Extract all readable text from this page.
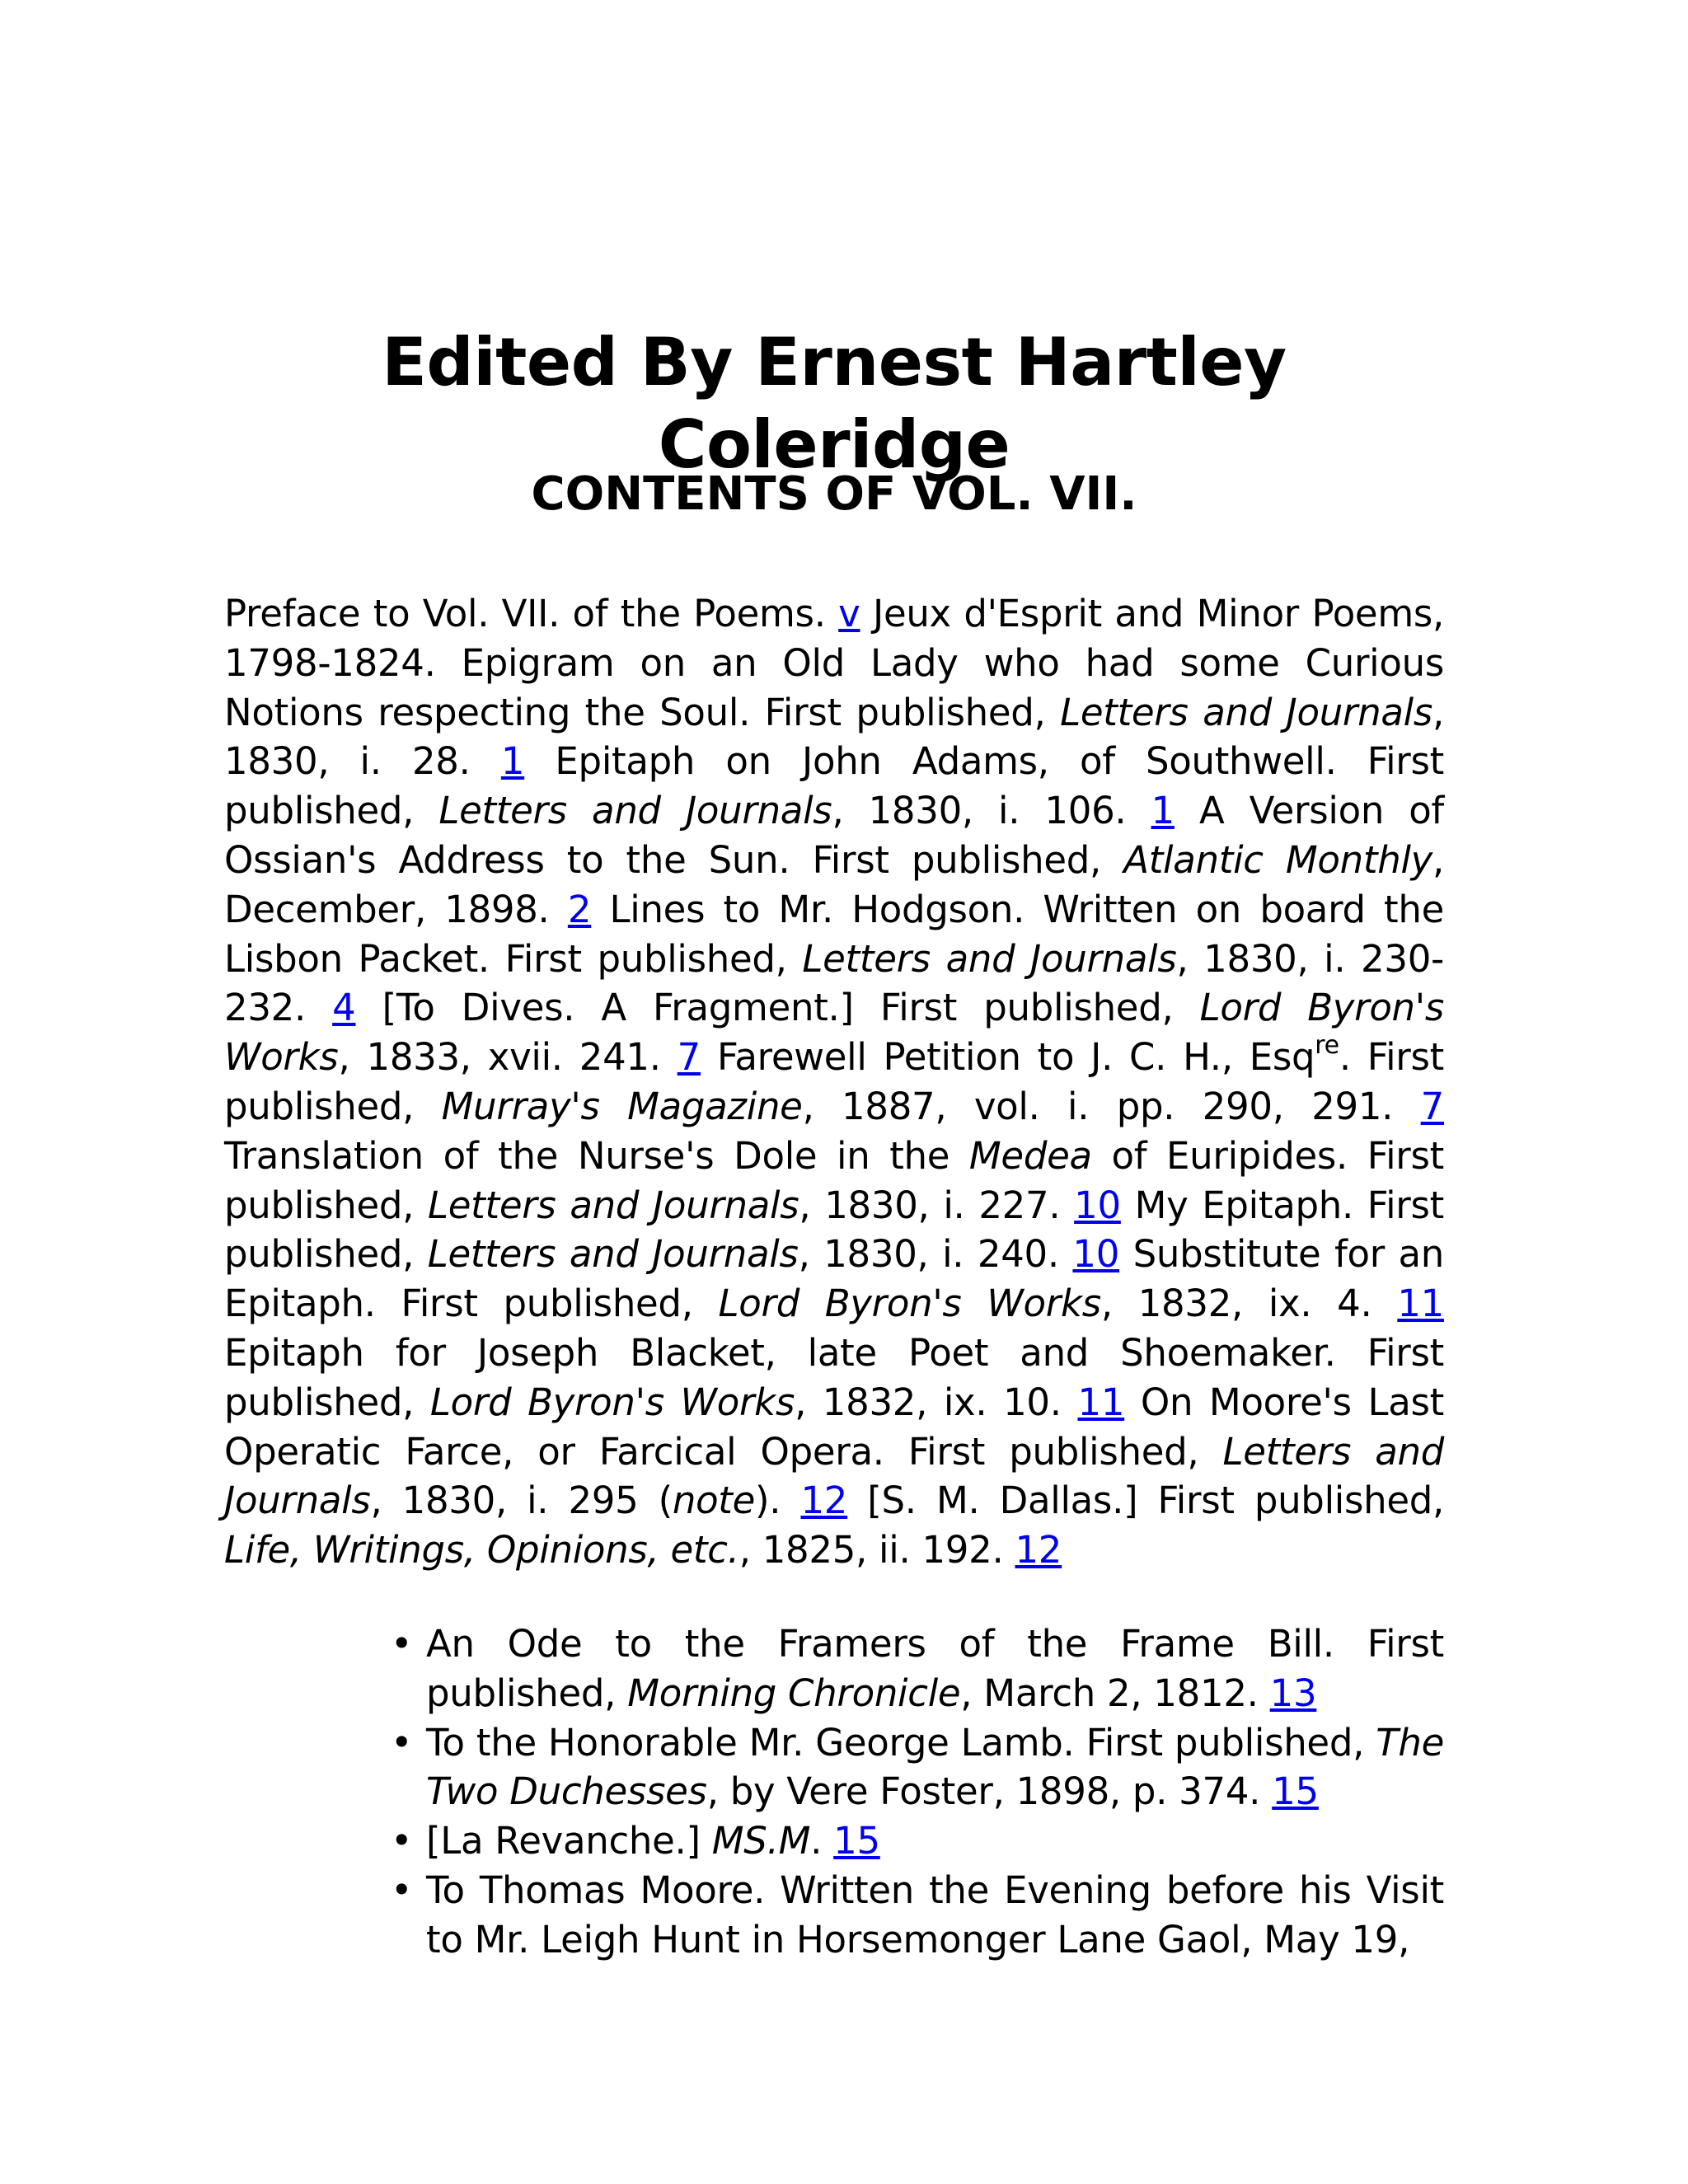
Edited By Ernest Hartley Coleridge
CONTENTS OF VOL. VII.

Preface to Vol. VII. of the Poems. v Jeux d'Esprit and Minor Poems, 1798-1824. Epigram on an Old Lady who had some Curious Notions respecting the Soul. First published, Letters and Journals, 1830, i. 28. 1 Epitaph on John Adams, of Southwell. First published, Letters and Journals, 1830, i. 106. 1 A Version of Ossian's Address to the Sun. First published, Atlantic Monthly, December, 1898. 2 Lines to Mr. Hodgson. Written on board the Lisbon Packet. First published, Letters and Journals, 1830, i. 230-232. 4 [To Dives. A Fragment.] First published, Lord Byron's Works, 1833, xvii. 241. 7 Farewell Petition to J. C. H., Esq$^{re}$. First published, Murray's Magazine, 1887, vol. i. pp. 290, 291. 7 Translation of the Nurse's Dole in the Medea of Euripides. First published, Letters and Journals, 1830, i. 227. 10 My Epitaph. First published, Letters and Journals, 1830, i. 240. 10 Substitute for an Epitaph. First published, Lord Byron's Works, 1832, ix. 4. 11 Epitaph for Joseph Blacket, late Poet and Shoemaker. First published, Lord Byron's Works, 1832, ix. 10. 11 On Moore's Last Operatic Farce, or Farcical Opera. First published, Letters and Journals, 1830, i. 295 (note). 12 [S. M. Dallas.] First published, Life, Writings, Opinions, etc., 1825, ii. 192. 12

• An Ode to the Framers of the Frame Bill. First published, Morning Chronicle, March 2, 1812. 13
• To the Honorable Mr. George Lamb. First published, The Two Duchesses, by Vere Foster, 1898, p. 374. 15
• [La Revanche.] MS.M. 15
• To Thomas Moore. Written the Evening before his Visit to Mr. Leigh Hunt in Horsemonger Lane Gaol, May 19,
